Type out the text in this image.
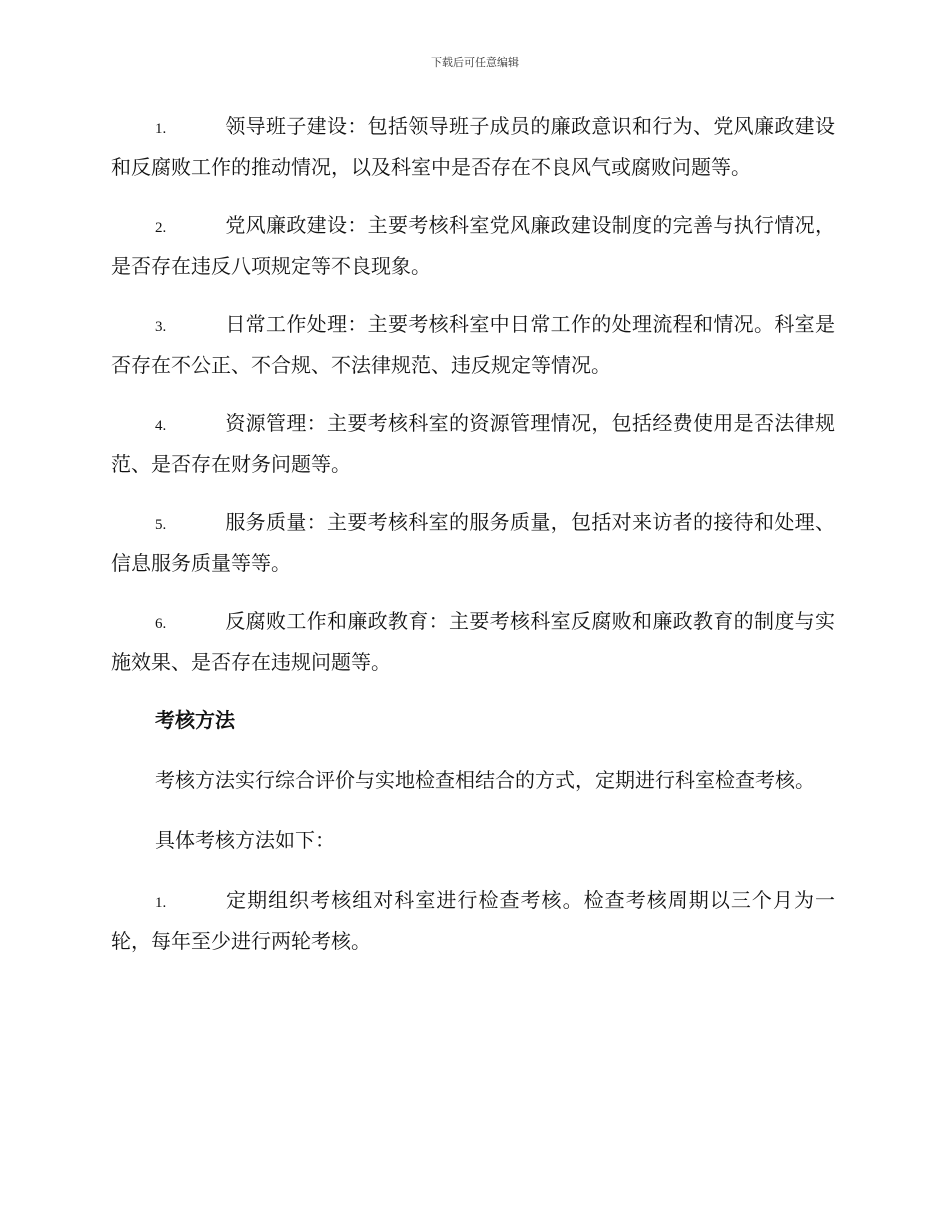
下载后可任意编辑

1.	领导班子建设：包括领导班子成员的廉政意识和行为、党风廉政建设和反腐败工作的推动情况，以及科室中是否存在不良风气或腐败问题等。

2.	党风廉政建设：主要考核科室党风廉政建设制度的完善与执行情况，是否存在违反八项规定等不良现象。

3.	日常工作处理：主要考核科室中日常工作的处理流程和情况。科室是否存在不公正、不合规、不法律规范、违反规定等情况。

4.	资源管理：主要考核科室的资源管理情况，包括经费使用是否法律规范、是否存在财务问题等。

5.	服务质量：主要考核科室的服务质量，包括对来访者的接待和处理、信息服务质量等等。

6.	反腐败工作和廉政教育：主要考核科室反腐败和廉政教育的制度与实施效果、是否存在违规问题等。

考核方法

考核方法实行综合评价与实地检查相结合的方式，定期进行科室检查考核。

具体考核方法如下：

1.	定期组织考核组对科室进行检查考核。检查考核周期以三个月为一轮，每年至少进行两轮考核。
